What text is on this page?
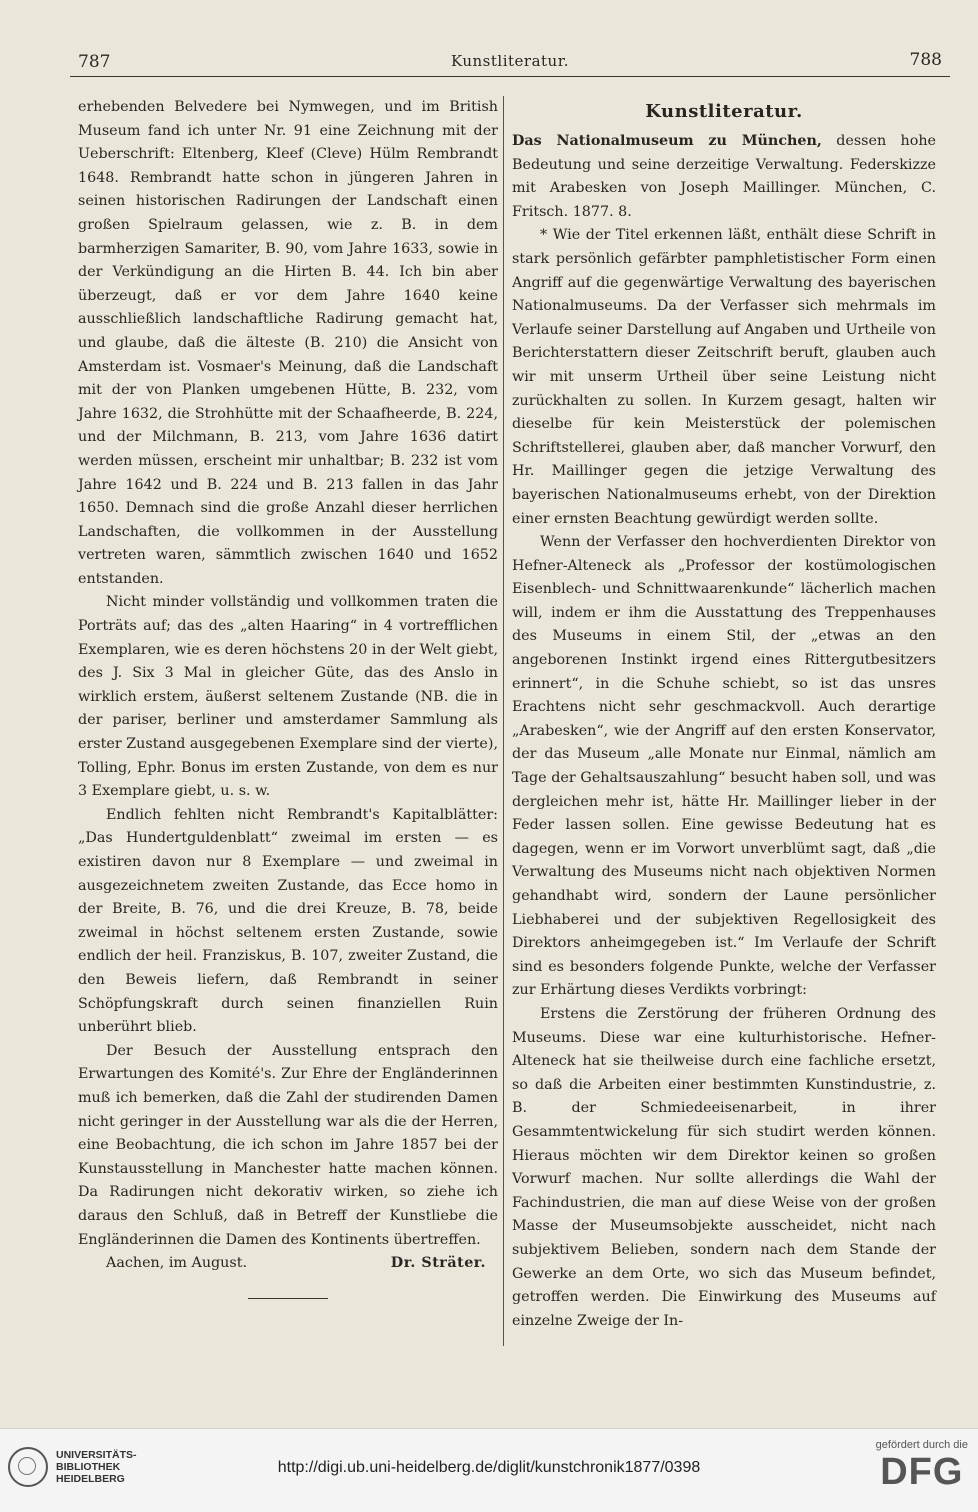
787	Kunstliteratur.	788

erhebenden Belvedere bei Nymwegen, und im British Museum fand ich unter Nr. 91 eine Zeichnung mit der Ueberschrift: Eltenberg, Kleef (Cleve) Hülm Rembrandt 1648. Rembrandt hatte schon in jüngeren Jahren in seinen historischen Radirungen der Landschaft einen großen Spielraum gelassen, wie z. B. in dem barmherzigen Samariter, B. 90, vom Jahre 1633, sowie in der Verkündigung an die Hirten B. 44. Ich bin aber überzeugt, daß er vor dem Jahre 1640 keine ausschließlich landschaftliche Radirung gemacht hat, und glaube, daß die älteste (B. 210) die Ansicht von Amsterdam ist. Vosmaer's Meinung, daß die Landschaft mit der von Planken umgebenen Hütte, B. 232, vom Jahre 1632, die Strohhütte mit der Schaafheerde, B. 224, und der Milchmann, B. 213, vom Jahre 1636 datirt werden müssen, erscheint mir unhaltbar; B. 232 ist vom Jahre 1642 und B. 224 und B. 213 fallen in das Jahr 1650. Demnach sind die große Anzahl dieser herrlichen Landschaften, die vollkommen in der Ausstellung vertreten waren, sämmtlich zwischen 1640 und 1652 entstanden.

Nicht minder vollständig und vollkommen traten die Porträts auf; das des „alten Haaring“ in 4 vortrefflichen Exemplaren, wie es deren höchstens 20 in der Welt giebt, des J. Six 3 Mal in gleicher Güte, das des Anslo in wirklich erstem, äußerst seltenem Zustande (NB. die in der pariser, berliner und amsterdamer Sammlung als erster Zustand ausgegebenen Exemplare sind der vierte), Tolling, Ephr. Bonus im ersten Zustande, von dem es nur 3 Exemplare giebt, u. s. w.

Endlich fehlten nicht Rembrandt's Kapitalblätter: „Das Hundertguldenblatt“ zweimal im ersten — es existiren davon nur 8 Exemplare — und zweimal in ausgezeichnetem zweiten Zustande, das Ecce homo in der Breite, B. 76, und die drei Kreuze, B. 78, beide zweimal in höchst seltenem ersten Zustande, sowie endlich der heil. Franziskus, B. 107, zweiter Zustand, die den Beweis liefern, daß Rembrandt in seiner Schöpfungskraft durch seinen finanziellen Ruin unberührt blieb.

Der Besuch der Ausstellung entsprach den Erwartungen des Komité's. Zur Ehre der Engländerinnen muß ich bemerken, daß die Zahl der studirenden Damen nicht geringer in der Ausstellung war als die der Herren, eine Beobachtung, die ich schon im Jahre 1857 bei der Kunstausstellung in Manchester hatte machen können. Da Radirungen nicht dekorativ wirken, so ziehe ich daraus den Schluß, daß in Betreff der Kunstliebe die Engländerinnen die Damen des Kontinents übertreffen.

Aachen, im August.	Dr. Sträter.
Kunstliteratur.

Das Nationalmuseum zu München, dessen hohe Bedeutung und seine derzeitige Verwaltung. Federskizze mit Arabesken von Joseph Maillinger. München, C. Fritsch. 1877. 8.

* Wie der Titel erkennen läßt, enthält diese Schrift in stark persönlich gefärbter pamphletistischer Form einen Angriff auf die gegenwärtige Verwaltung des bayerischen Nationalmuseums. Da der Verfasser sich mehrmals im Verlaufe seiner Darstellung auf Angaben und Urtheile von Berichterstattern dieser Zeitschrift beruft, glauben auch wir mit unserm Urtheil über seine Leistung nicht zurückhalten zu sollen. In Kurzem gesagt, halten wir dieselbe für kein Meisterstück der polemischen Schriftstellerei, glauben aber, daß mancher Vorwurf, den Hr. Maillinger gegen die jetzige Verwaltung des bayerischen Nationalmuseums erhebt, von der Direktion einer ernsten Beachtung gewürdigt werden sollte.

Wenn der Verfasser den hochverdienten Direktor von Hefner-Alteneck als „Professor der kostümologischen Eisenblech- und Schnittwaarenkunde“ lächerlich machen will, indem er ihm die Ausstattung des Treppenhauses des Museums in einem Stil, der „etwas an den angeborenen Instinkt irgend eines Rittergutbesitzers erinnert“, in die Schuhe schiebt, so ist das unsres Erachtens nicht sehr geschmackvoll. Auch derartige „Arabesken“, wie der Angriff auf den ersten Konservator, der das Museum „alle Monate nur Einmal, nämlich am Tage der Gehaltsauszahlung“ besucht haben soll, und was dergleichen mehr ist, hätte Hr. Maillinger lieber in der Feder lassen sollen. Eine gewisse Bedeutung hat es dagegen, wenn er im Vorwort unverblümt sagt, daß „die Verwaltung des Museums nicht nach objektiven Normen gehandhabt wird, sondern der Laune persönlicher Liebhaberei und der subjektiven Regellosigkeit des Direktors anheimgegeben ist.“ Im Verlaufe der Schrift sind es besonders folgende Punkte, welche der Verfasser zur Erhärtung dieses Verdikts vorbringt:

Erstens die Zerstörung der früheren Ordnung des Museums. Diese war eine kulturhistorische. Hefner-Alteneck hat sie theilweise durch eine fachliche ersetzt, so daß die Arbeiten einer bestimmten Kunstindustrie, z. B. der Schmiedeeisenarbeit, in ihrer Gesammtentwickelung für sich studirt werden können. Hieraus möchten wir dem Direktor keinen so großen Vorwurf machen. Nur sollte allerdings die Wahl der Fachindustrien, die man auf diese Weise von der großen Masse der Museumsobjekte ausscheidet, nicht nach subjektivem Belieben, sondern nach dem Stande der Gewerke an dem Orte, wo sich das Museum befindet, getroffen werden. Die Einwirkung des Museums auf einzelne Zweige der In-

UNIVERSITÄTS-
BIBLIOTHEK
HEIDELBERG
http://digi.ub.uni-heidelberg.de/diglit/kunstchronik1877/0398
gefördert durch die
DFG
